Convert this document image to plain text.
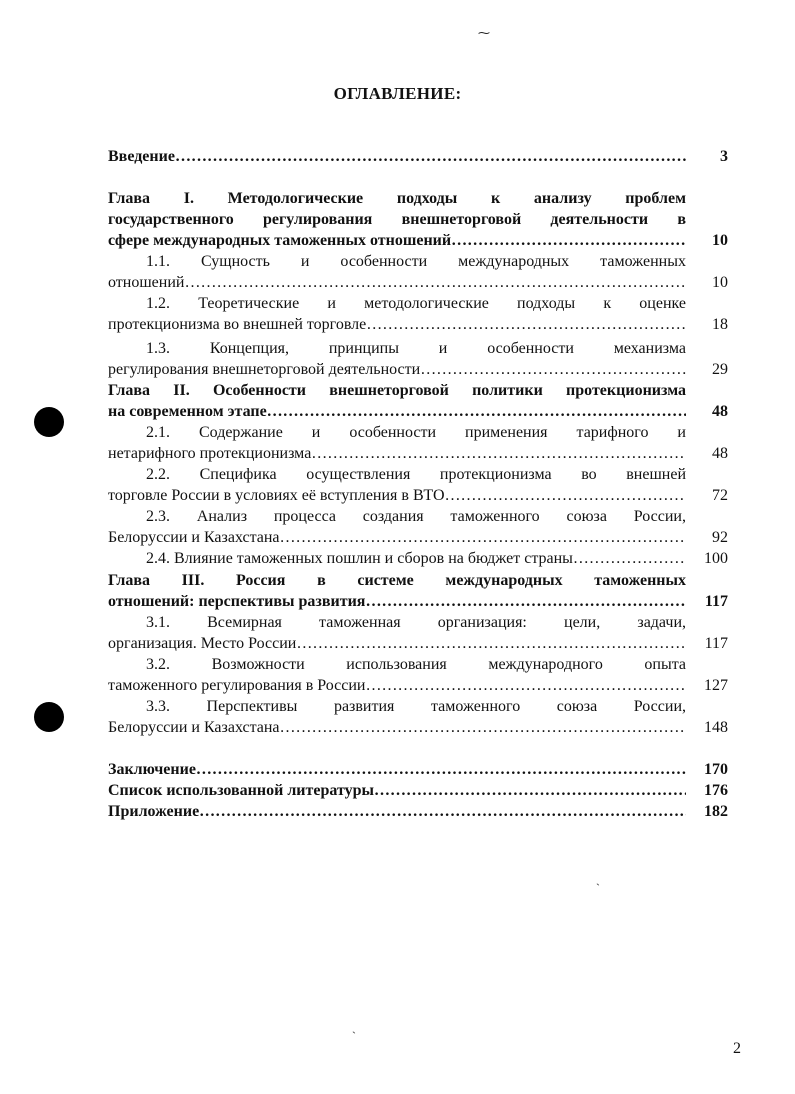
⁓
ˎ
ˏ
ОГЛАВЛЕНИЕ:
Введение ………………………………………………………………………………………………………………………………………………………	3
Глава I. Методологические подходы к анализу проблем
государственного регулирования внешнеторговой деятельности в
сфере международных таможенных отношений ………………………………………………………………………………………………………………………………………………………	10
1.1. Сущность и особенности международных таможенных
отношений ………………………………………………………………………………………………………………………………………………………	10
1.2. Теоретические и методологические подходы к оценке
протекционизма во внешней торговле ………………………………………………………………………………………………………………………………………………………	18
1.3. Концепция, принципы и особенности механизма
регулирования внешнеторговой деятельности ………………………………………………………………………………………………………………………………………………………	29
Глава II. Особенности внешнеторговой политики протекционизма
на современном этапе ………………………………………………………………………………………………………………………………………………………	48
2.1. Содержание и особенности применения тарифного и
нетарифного протекционизма ………………………………………………………………………………………………………………………………………………………	48
2.2. Специфика осуществления протекционизма во внешней
торговле России в условиях её вступления в ВТО ………………………………………………………………………………………………………………………………………………………	72
2.3. Анализ процесса создания таможенного союза России,
Белоруссии и Казахстана ………………………………………………………………………………………………………………………………………………………	92
2.4. Влияние таможенных пошлин и сборов на бюджет страны ………………………………………………………………………………………………………………………………………………………	100
Глава III. Россия в системе международных таможенных
отношений: перспективы развития ………………………………………………………………………………………………………………………………………………………	117
3.1. Всемирная таможенная организация: цели, задачи,
организация. Место России ………………………………………………………………………………………………………………………………………………………	117
3.2. Возможности использования международного опыта
таможенного регулирования в России ………………………………………………………………………………………………………………………………………………………	127
3.3. Перспективы развития таможенного союза России,
Белоруссии и Казахстана ………………………………………………………………………………………………………………………………………………………	148
Заключение ………………………………………………………………………………………………………………………………………………………	170
Список использованной литературы ………………………………………………………………………………………………………………………………………………………	176
Приложение ………………………………………………………………………………………………………………………………………………………	182
2
